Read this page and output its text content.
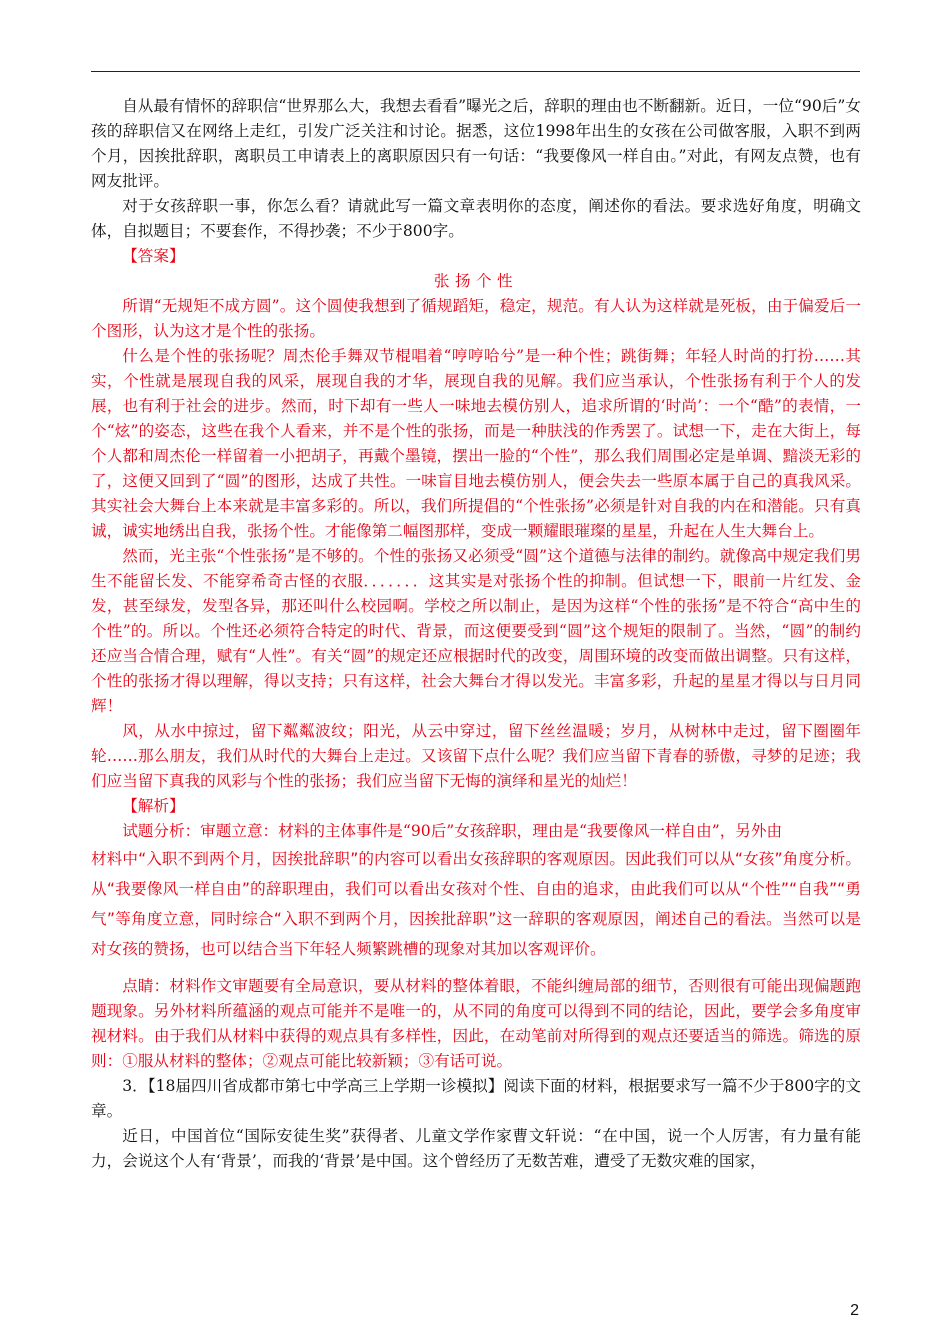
自从最有情怀的辞职信“世界那么大，我想去看看”曝光之后，辞职的理由也不断翻新。近日，一位“90后”女孩的辞职信又在网络上走红，引发广泛关注和讨论。据悉，这位1998年出生的女孩在公司做客服，入职不到两个月，因挨批辞职，离职员工申请表上的离职原因只有一句话：“我要像风一样自由。”对此，有网友点赞，也有网友批评。

对于女孩辞职一事，你怎么看？请就此写一篇文章表明你的态度，阐述你的看法。要求选好角度，明确文体，自拟题目；不要套作，不得抄袭；不少于800字。

【答案】

张扬个性

所谓“无规矩不成方圆”。这个圆使我想到了循规蹈矩，稳定，规范。有人认为这样就是死板，由于偏爱后一个图形，认为这才是个性的张扬。

什么是个性的张扬呢？周杰伦手舞双节棍唱着“哼哼哈兮”是一种个性；跳街舞；年轻人时尚的打扮……其实，个性就是展现自我的风采，展现自我的才华，展现自我的见解。我们应当承认，个性张扬有利于个人的发展，也有利于社会的进步。然而，时下却有一些人一味地去模仿别人，追求所谓的‘时尚’：一个“酷”的表情，一个“炫”的姿态，这些在我个人看来，并不是个性的张扬，而是一种肤浅的作秀罢了。试想一下，走在大街上，每个人都和周杰伦一样留着一小把胡子，再戴个墨镜，摆出一脸的“个性”，那么我们周围必定是单调、黯淡无彩的了，这便又回到了“圆”的图形，达成了共性。一味盲目地去模仿别人，便会失去一些原本属于自己的真我风采。其实社会大舞台上本来就是丰富多彩的。所以，我们所提倡的“个性张扬”必须是针对自我的内在和潜能。只有真诚，诚实地绣出自我，张扬个性。才能像第二幅图那样，变成一颗耀眼璀璨的星星，升起在人生大舞台上。

然而，光主张“个性张扬”是不够的。个性的张扬又必须受“圆”这个道德与法律的制约。就像高中规定我们男生不能留长发、不能穿希奇古怪的衣服．．．．．．．这其实是对张扬个性的抑制。但试想一下，眼前一片红发、金发，甚至绿发，发型各异，那还叫什么校园啊。学校之所以制止，是因为这样“个性的张扬”是不符合“高中生的个性”的。所以。个性还必须符合特定的时代、背景，而这便要受到“圆”这个规矩的限制了。当然，“圆”的制约还应当合情合理，赋有“人性”。有关“圆”的规定还应根据时代的改变，周围环境的改变而做出调整。只有这样，个性的张扬才得以理解，得以支持；只有这样，社会大舞台才得以发光。丰富多彩，升起的星星才得以与日月同辉！

风，从水中掠过，留下粼粼波纹；阳光，从云中穿过，留下丝丝温暖；岁月，从树林中走过，留下圈圈年轮……那么朋友，我们从时代的大舞台上走过。又该留下点什么呢？我们应当留下青春的骄傲，寻梦的足迹；我们应当留下真我的风彩与个性的张扬；我们应当留下无悔的演绎和星光的灿烂！

【解析】

试题分析：审题立意：材料的主体事件是“90后”女孩辞职，理由是“我要像风一样自由”，另外由

材料中“入职不到两个月，因挨批辞职”的内容可以看出女孩辞职的客观原因。因此我们可以从“女孩”角度分析。从“我要像风一样自由”的辞职理由，我们可以看出女孩对个性、自由的追求，由此我们可以从“个性”“自我”“勇气”等角度立意，同时综合“入职不到两个月，因挨批辞职”这一辞职的客观原因，阐述自己的看法。当然可以是对女孩的赞扬，也可以结合当下年轻人频繁跳槽的现象对其加以客观评价。

点睛：材料作文审题要有全局意识，要从材料的整体着眼，不能纠缠局部的细节，否则很有可能出现偏题跑题现象。另外材料所蕴涵的观点可能并不是唯一的，从不同的角度可以得到不同的结论，因此，要学会多角度审视材料。由于我们从材料中获得的观点具有多样性，因此，在动笔前对所得到的观点还要适当的筛选。筛选的原则：①服从材料的整体；②观点可能比较新颖；③有话可说。

3．【18届四川省成都市第七中学高三上学期一诊模拟】阅读下面的材料，根据要求写一篇不少于800字的文章。

近日，中国首位“国际安徒生奖”获得者、儿童文学作家曹文轩说：“在中国，说一个人厉害，有力量有能力，会说这个人有‘背景’，而我的‘背景’是中国。这个曾经历了无数苦难，遭受了无数灾难的国家，

2
